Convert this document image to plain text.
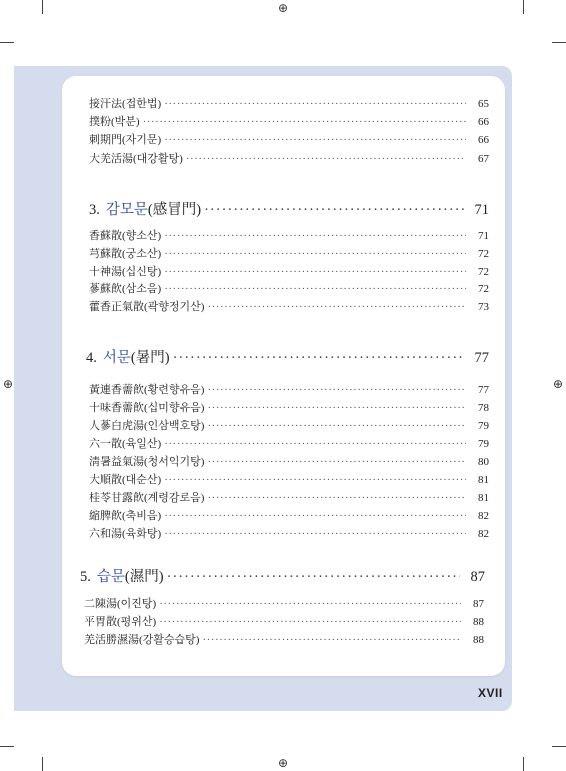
⊕
⊕	⊕
⊕
接汗法(접한법) ·····	65
撲粉(박분) ·····	66
刺期門(자기문) ·····	66
大羌活湯(대강활탕) ·····	67
3. 감모문 (感冒門) ·····	71
香蘇散(향소산) ·····	71
芎蘇散(궁소산) ·····	72
十神湯(십신탕) ·····	72
蔘蘇飮(삼소음) ·····	72
藿香正氣散(곽향정기산) ·····	73
4. 서문 (暑門) ·····	77
黃連香薷飮(황련향유음) ·····	77
十味香薷飮(십미향유음) ·····	78
人蔘白虎湯(인삼백호탕) ·····	79
六一散(육일산) ·····	79
淸暑益氣湯(청서익기탕) ·····	80
大順散(대순산) ·····	81
桂苓甘露飮(계령감로음) ·····	81
縮脾飮(축비음) ·····	82
六和湯(육화탕) ·····	82
5. 습문 (濕門) ·····	87
二陳湯(이진탕) ·····	87
平胃散(평위산) ·····	88
羌活勝濕湯(강활승습탕) ·····	88
XVII
